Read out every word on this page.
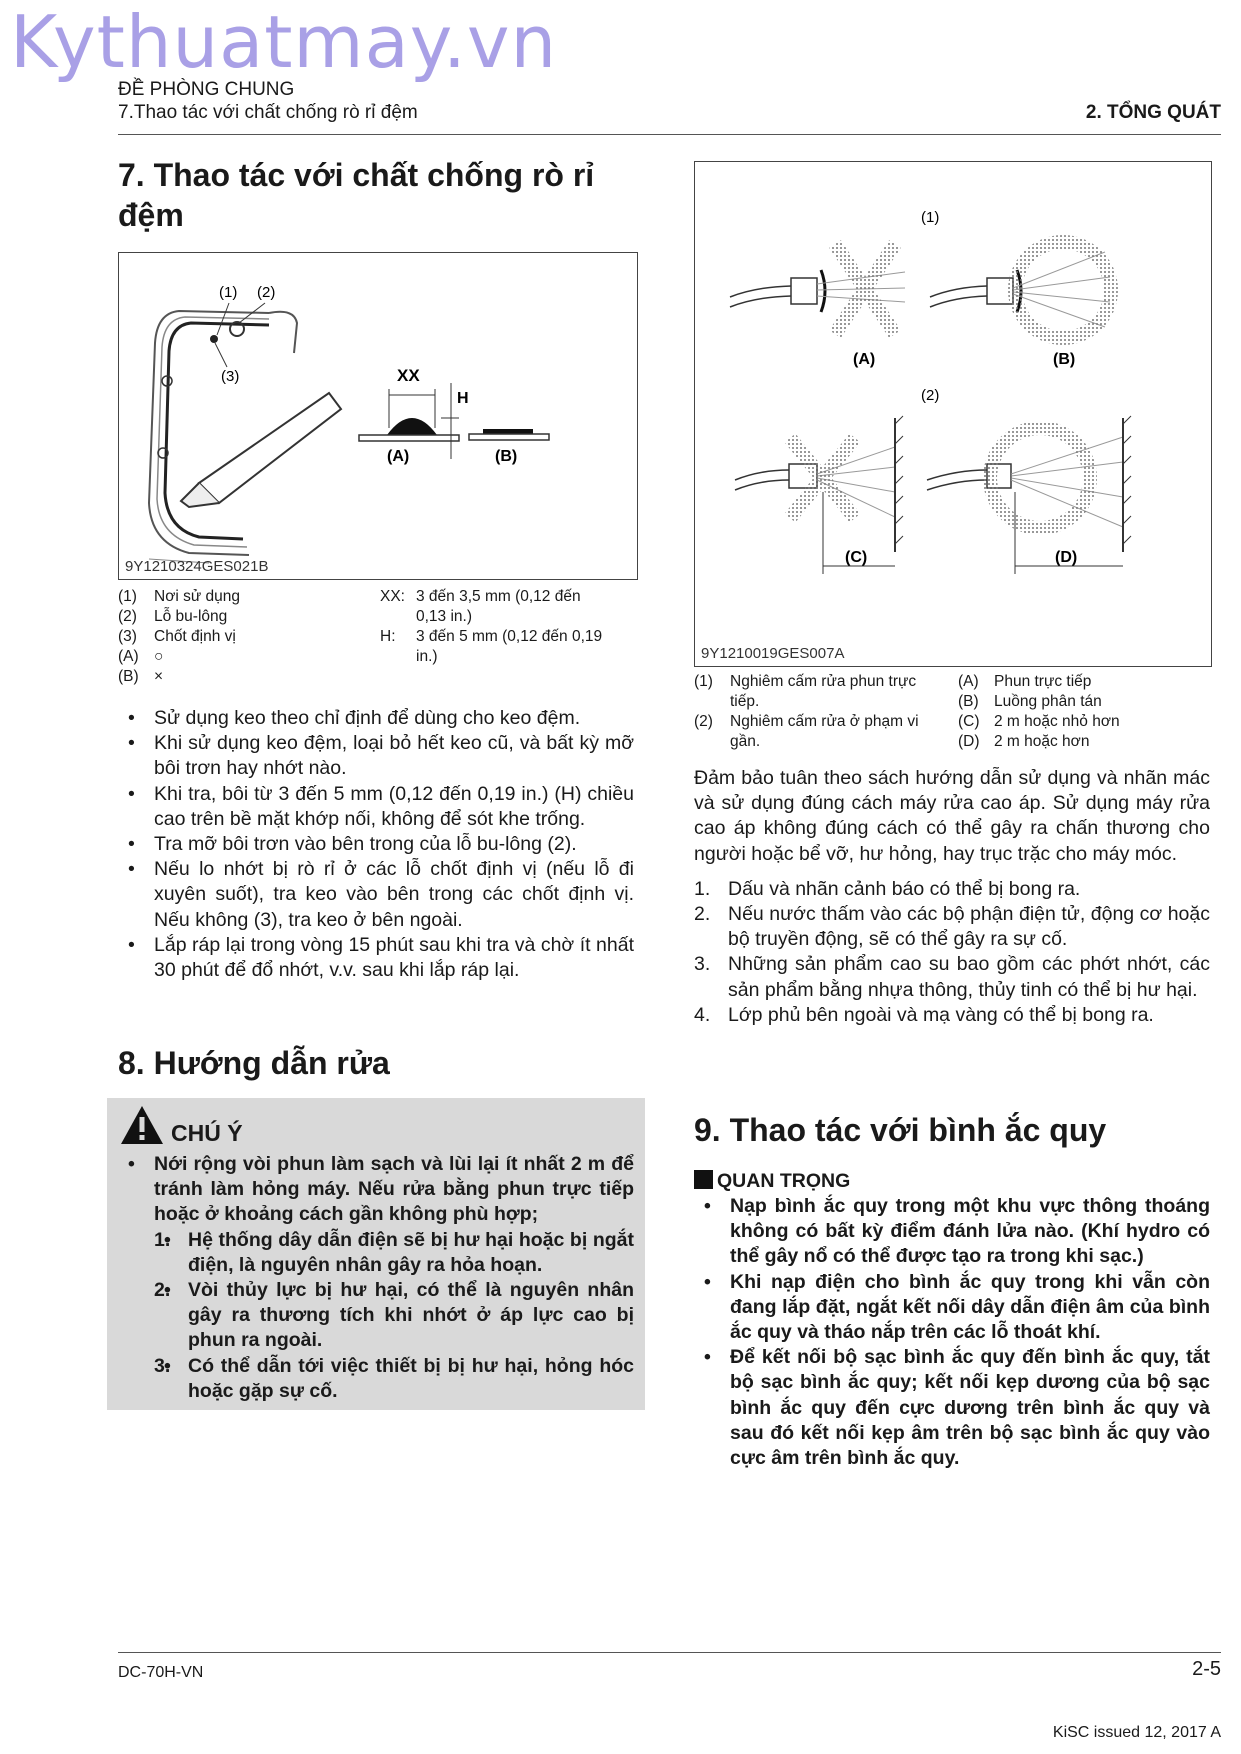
Kythuatmay.vn
ĐỀ PHÒNG CHUNG
7.Thao tác với chất chống rò rỉ đệm	2. TỔNG QUÁT
7. Thao tác với chất chống rò rỉ đệm
(1) (2)
(3)	XX
H
(A)	(B)
9Y1210324GES021B
(1)	Nơi sử dụng
(2)	Lỗ bu-lông
(3)	Chốt định vị
(A)	○
(B)	×
XX:	3 đến 3,5 mm (0,12 đến 0,13 in.)
H:	3 đến 5 mm (0,12 đến 0,19 in.)
• Sử dụng keo theo chỉ định để dùng cho keo đệm.
• Khi sử dụng keo đệm, loại bỏ hết keo cũ, và bất kỳ mỡ bôi trơn hay nhớt nào.
• Khi tra, bôi từ 3 đến 5 mm (0,12 đến 0,19 in.) (H) chiều cao trên bề mặt khớp nối, không để sót khe trống.
• Tra mỡ bôi trơn vào bên trong của lỗ bu-lông (2).
• Nếu lo nhớt bị rò rỉ ở các lỗ chốt định vị (nếu lỗ đi xuyên suốt), tra keo vào bên trong các chốt định vị. Nếu không (3), tra keo ở bên ngoài.
• Lắp ráp lại trong vòng 15 phút sau khi tra và chờ ít nhất 30 phút để đổ nhớt, v.v. sau khi lắp ráp lại.
8. Hướng dẫn rửa
CHÚ Ý
• Nới rộng vòi phun làm sạch và lùi lại ít nhất 2 m để tránh làm hỏng máy. Nếu rửa bằng phun trực tiếp hoặc ở khoảng cách gần không phù hợp;
• 1. Hệ thống dây dẫn điện sẽ bị hư hại hoặc bị ngắt điện, là nguyên nhân gây ra hỏa hoạn.
• 2. Vòi thủy lực bị hư hại, có thể là nguyên nhân gây ra thương tích khi nhớt ở áp lực cao bị phun ra ngoài.
• 3. Có thể dẫn tới việc thiết bị bị hư hại, hỏng hóc hoặc gặp sự cố.
(1)
(A)	(B)
(2)
(C)	(D)
9Y1210019GES007A
(1)	Nghiêm cấm rửa phun trực tiếp.
(2)	Nghiêm cấm rửa ở phạm vi gần.
(A)	Phun trực tiếp
(B)	Luồng phân tán
(C)	2 m hoặc nhỏ hơn
(D)	2 m hoặc hơn

Đảm bảo tuân theo sách hướng dẫn sử dụng và nhãn mác và sử dụng đúng cách máy rửa cao áp. Sử dụng máy rửa cao áp không đúng cách có thể gây ra chấn thương cho người hoặc bể vỡ, hư hỏng, hay trục trặc cho máy móc.

1. Dấu và nhãn cảnh báo có thể bị bong ra.
2. Nếu nước thấm vào các bộ phận điện tử, động cơ hoặc bộ truyền động, sẽ có thể gây ra sự cố.
3. Những sản phẩm cao su bao gồm các phớt nhớt, các sản phẩm bằng nhựa thông, thủy tinh có thể bị hư hại.
4. Lớp phủ bên ngoài và mạ vàng có thể bị bong ra.
9. Thao tác với bình ắc quy
QUAN TRỌNG
• Nạp bình ắc quy trong một khu vực thông thoáng không có bất kỳ điểm đánh lửa nào. (Khí hydro có thể gây nổ có thể được tạo ra trong khi sạc.)
• Khi nạp điện cho bình ắc quy trong khi vẫn còn đang lắp đặt, ngắt kết nối dây dẫn điện âm của bình ắc quy và tháo nắp trên các lỗ thoát khí.
• Để kết nối bộ sạc bình ắc quy đến bình ắc quy, tắt bộ sạc bình ắc quy; kết nối kẹp dương của bộ sạc bình ắc quy đến cực dương trên bình ắc quy và sau đó kết nối kẹp âm trên bộ sạc bình ắc quy vào cực âm trên bình ắc quy.
DC-70H-VN	2-5
KiSC issued 12, 2017 A
